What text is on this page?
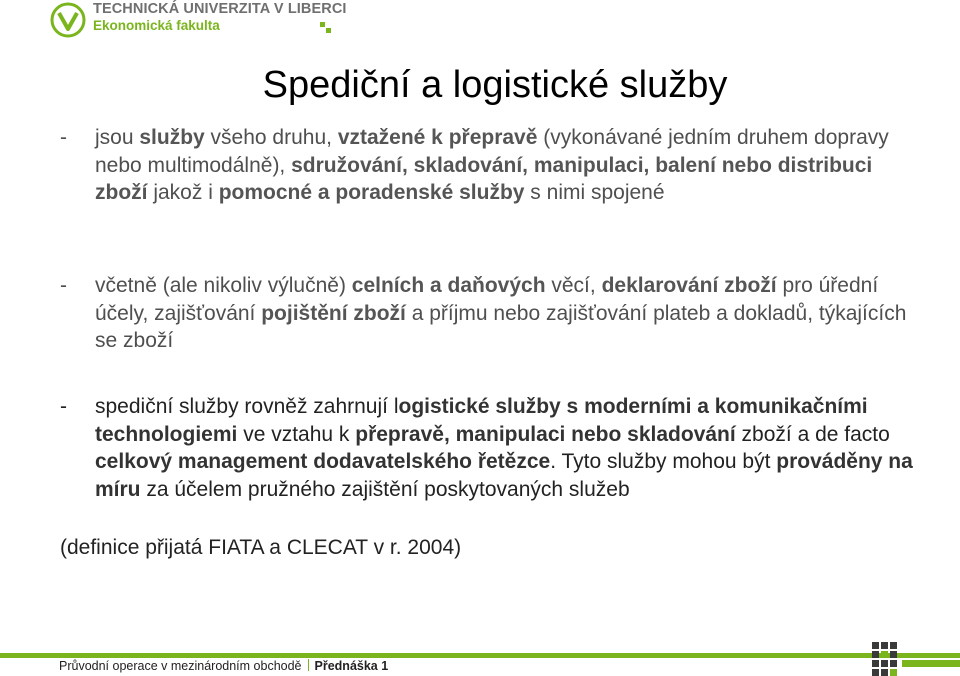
TECHNICKÁ UNIVERZITA V LIBERCI
Ekonomická fakulta
Spediční a logistické služby
- jsou služby všeho druhu, vztažené k přepravě (vykonávané jedním druhem dopravy nebo multimodálně), sdružování, skladování, manipulaci, balení nebo distribuci zboží jakož i pomocné a poradenské služby s nimi spojené
- včetně (ale nikoliv výlučně) celních a daňových věcí, deklarování zboží pro úřední účely, zajišťování pojištění zboží a příjmu nebo zajišťování plateb a dokladů, týkajících se zboží
- spediční služby rovněž zahrnují logistické služby s moderními a komunikačními technologiemi ve vztahu k přepravě, manipulaci nebo skladování zboží a de facto celkový management dodavatelského řetězce. Tyto služby mohou být prováděny na míru za účelem pružného zajištění poskytovaných služeb

(definice přijatá FIATA a CLECAT v r. 2004)

Průvodní operace v mezinárodním obchodě Přednáška 1
